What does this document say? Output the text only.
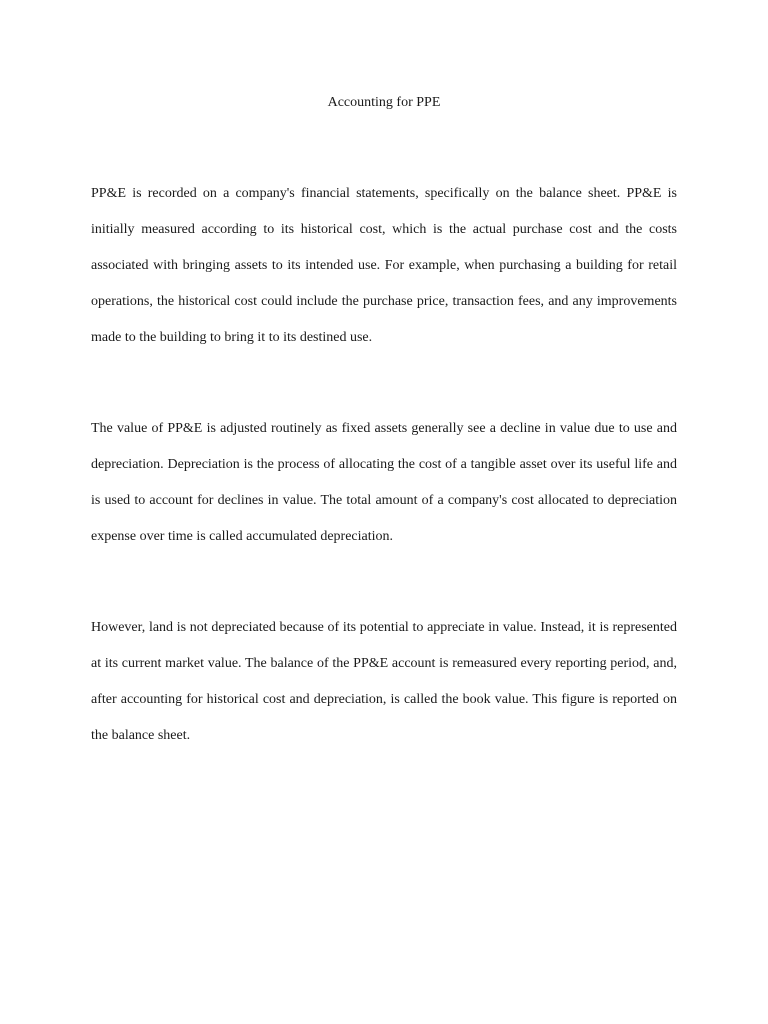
Accounting for PPE

PP&E is recorded on a company's financial statements, specifically on the balance sheet. PP&E is initially measured according to its historical cost, which is the actual purchase cost and the costs associated with bringing assets to its intended use. For example, when purchasing a building for retail operations, the historical cost could include the purchase price, transaction fees, and any improvements made to the building to bring it to its destined use.

The value of PP&E is adjusted routinely as fixed assets generally see a decline in value due to use and depreciation. Depreciation is the process of allocating the cost of a tangible asset over its useful life and is used to account for declines in value. The total amount of a company's cost allocated to depreciation expense over time is called accumulated depreciation.

However, land is not depreciated because of its potential to appreciate in value. Instead, it is represented at its current market value. The balance of the PP&E account is remeasured every reporting period, and, after accounting for historical cost and depreciation, is called the book value. This figure is reported on the balance sheet.
